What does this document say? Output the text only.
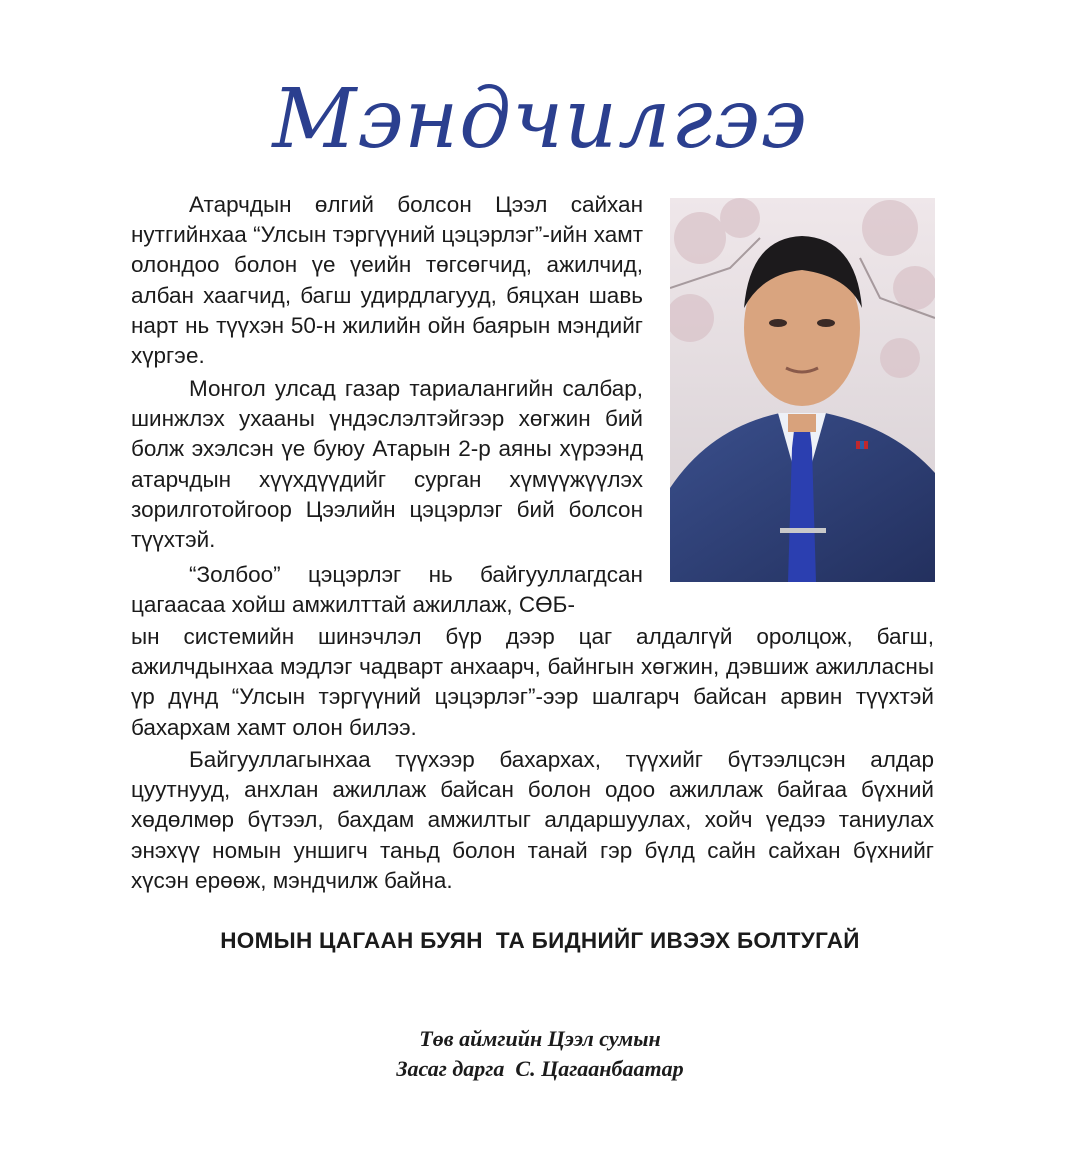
Мэндчилгээ

Атарчдын өлгий болсон Цээл сайхан нутгийнхаа “Улсын тэргүүний цэцэрлэг”-ийн хамт олондоо болон үе үеийн төгсөгчид, ажилчид, албан хаагчид, багш удирдлагууд, бяцхан шавь нарт нь түүхэн 50-н жилийн ойн баярын мэндийг хүргэе.

Монгол улсад газар тариалангийн салбар, шинжлэх ухааны үндэслэлтэйгээр хөгжин бий болж эхэлсэн үе буюу Атарын 2-р аяны хүрээнд атарчдын хүүхдүүдийг сурган хүмүүжүүлэх зорилготойгоор Цээлийн цэцэрлэг бий болсон түүхтэй.

“Золбоо” цэцэрлэг нь байгууллагдсан цагаасаа хойш амжилттай ажиллаж, СӨБ-

ын системийн шинэчлэл бүр дээр цаг алдалгүй оролцож, багш, ажилчдынхаа мэдлэг чадварт анхаарч, байнгын хөгжин, дэвшиж ажилласны үр дүнд “Улсын тэргүүний цэцэрлэг”-ээр шалгарч байсан арвин түүхтэй бахархам хамт олон билээ.

Байгууллагынхаа түүхээр бахархах, түүхийг бүтээлцсэн алдар цуутнууд, анхлан ажиллаж байсан болон одоо ажиллаж байгаа бүхний хөдөлмөр бүтээл, бахдам амжилтыг алдаршуулах, хойч үедээ таниулах энэхүү номын уншигч таньд болон танай гэр бүлд сайн сайхан бүхнийг хүсэн ерөөж, мэндчилж байна.

НОМЫН ЦАГААН БУЯН  ТА БИДНИЙГ ИВЭЭХ БОЛТУГАЙ
Төв аймгийн Цээл сумын
Засаг дарга  С. Цагаанбаатар
